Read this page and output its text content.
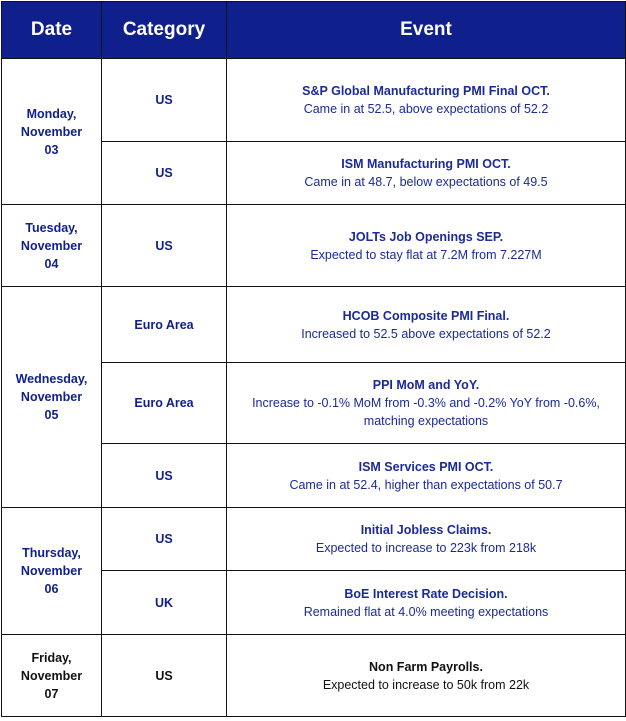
Date	Category	Event
Monday,
November
03	US	S&P Global Manufacturing PMI Final OCT.
Came in at 52.5, above expectations of 52.2

	US	ISM Manufacturing PMI OCT.
Came in at 48.7, below expectations of 49.5

Tuesday,
November
04	US	JOLTs Job Openings SEP.
Expected to stay flat at 7.2M from 7.227M

Wednesday,
November
05	Euro Area	HCOB Composite PMI Final.
Increased to 52.5 above expectations of 52.2

	Euro Area	PPI MoM and YoY.
Increase to -0.1% MoM from -0.3% and -0.2% YoY from -0.6%,
matching expectations

	US	ISM Services PMI OCT.
Came in at 52.4, higher than expectations of 50.7

Thursday,
November
06	US	Initial Jobless Claims.
Expected to increase to 223k from 218k

	UK	BoE Interest Rate Decision.
Remained flat at 4.0% meeting expectations

Friday,
November
07	US	Non Farm Payrolls.
Expected to increase to 50k from 22k
